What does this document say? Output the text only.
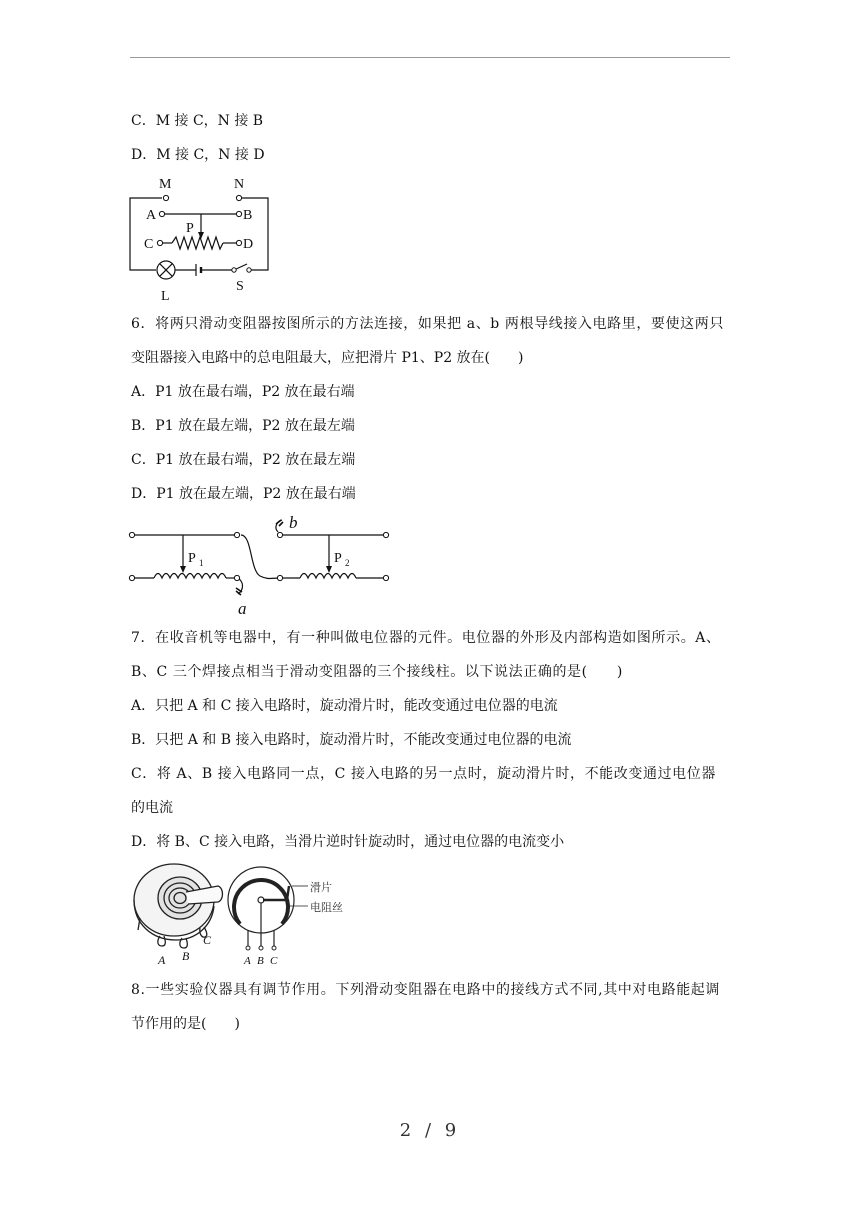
C．M 接 C，N 接 B
D．M 接 C，N 接 D
M	N
A	B
P
C	D
L
S
6．将两只滑动变阻器按图所示的方法连接，如果把 a、b 两根导线接入电路里，要使这两只
变阻器接入电路中的总电阻最大，应把滑片 P1、P2 放在(　　)
A．P1 放在最右端，P2 放在最右端
B．P1 放在最左端，P2 放在最左端
C．P1 放在最右端，P2 放在最左端
D．P1 放在最左端，P2 放在最右端
b
a
P 1	P 2
7．在收音机等电器中，有一种叫做电位器的元件。电位器的外形及内部构造如图所示。A、
B、C 三个焊接点相当于滑动变阻器的三个接线柱。以下说法正确的是(　　)
A．只把 A 和 C 接入电路时，旋动滑片时，能改变通过电位器的电流
B．只把 A 和 B 接入电路时，旋动滑片时，不能改变通过电位器的电流
C．将 A、B 接入电路同一点，C 接入电路的另一点时，旋动滑片时，不能改变通过电位器
的电流
D．将 B、C 接入电路，当滑片逆时针旋动时，通过电位器的电流变小
A B
C
滑片
电阻丝
A B C
8.一些实验仪器具有调节作用。下列滑动变阻器在电路中的接线方式不同,其中对电路能起调
节作用的是(　　)
2 / 9
